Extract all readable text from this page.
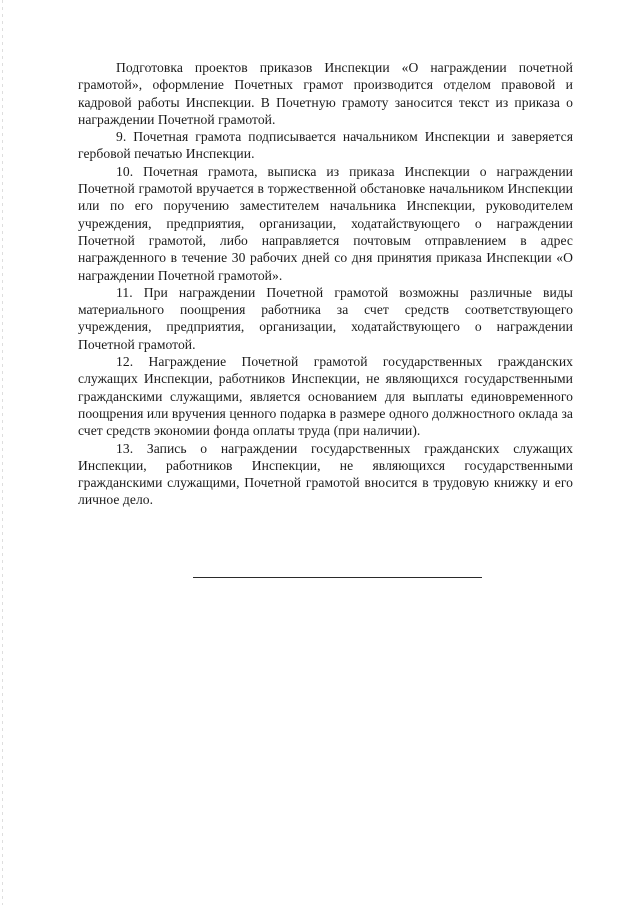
Подготовка проектов приказов Инспекции «О награждении почетной грамотой», оформление Почетных грамот производится отделом правовой и кадровой работы Инспекции. В Почетную грамоту заносится текст из приказа о награждении Почетной грамотой.

9. Почетная грамота подписывается начальником Инспекции и заверяется гербовой печатью Инспекции.

10. Почетная грамота, выписка из приказа Инспекции о награждении Почетной грамотой вручается в торжественной обстановке начальником Инспекции или по его поручению заместителем начальника Инспекции, руководителем учреждения, предприятия, организации, ходатайствующего о награждении Почетной грамотой, либо направляется почтовым отправлением в адрес награжденного в течение 30 рабочих дней со дня принятия приказа Инспекции «О награждении Почетной грамотой».

11. При награждении Почетной грамотой возможны различные виды материального поощрения работника за счет средств соответствующего учреждения, предприятия, организации, ходатайствующего о награждении Почетной грамотой.

12. Награждение Почетной грамотой государственных гражданских служащих Инспекции, работников Инспекции, не являющихся государственными гражданскими служащими, является основанием для выплаты единовременного поощрения или вручения ценного подарка в размере одного должностного оклада за счет средств экономии фонда оплаты труда (при наличии).

13. Запись о награждении государственных гражданских служащих Инспекции, работников Инспекции, не являющихся государственными гражданскими служащими, Почетной грамотой вносится в трудовую книжку и его личное дело.
